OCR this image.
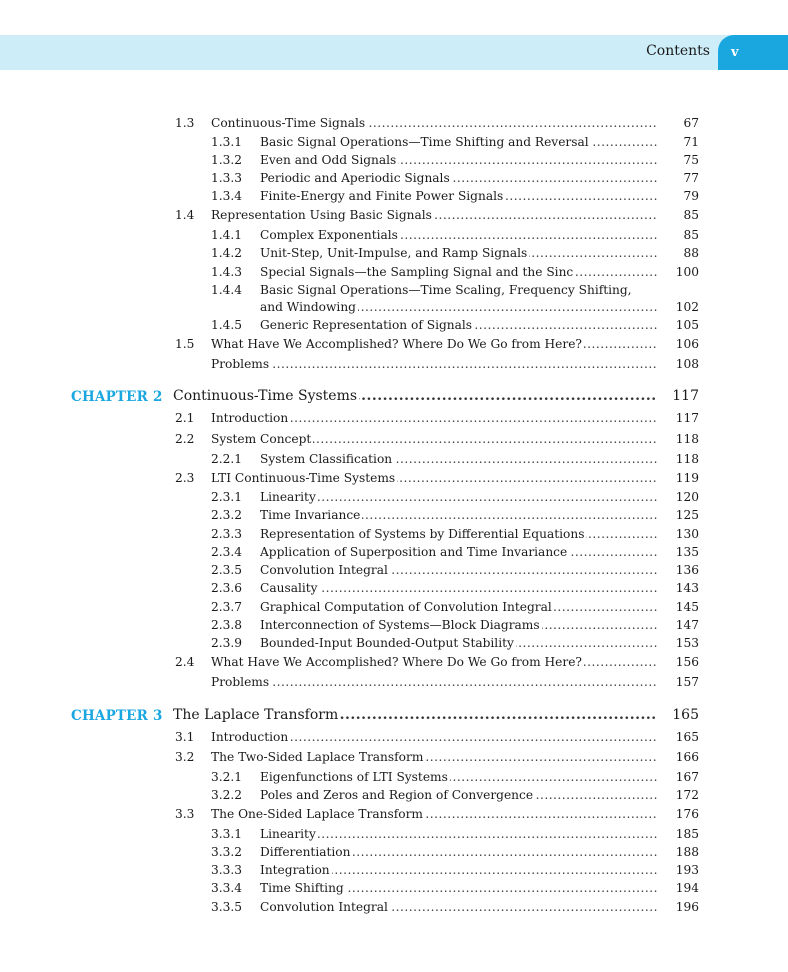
Contents	v
1.3 Continuous-Time Signals .....	67
1.3.1 Basic Signal Operations—Time Shifting and Reversal .....	71
1.3.2 Even and Odd Signals .....	75
1.3.3 Periodic and Aperiodic Signals .....	77
1.3.4 Finite-Energy and Finite Power Signals .....	79
1.4 Representation Using Basic Signals .....	85
1.4.1 Complex Exponentials .....	85
1.4.2 Unit-Step, Unit-Impulse, and Ramp Signals .....	88
1.4.3 Special Signals—the Sampling Signal and the Sinc .....	100
1.4.4 Basic Signal Operations—Time Scaling, Frequency Shifting,
and Windowing .....	102
1.4.5 Generic Representation of Signals .....	105
1.5 What Have We Accomplished? Where Do We Go from Here? .....	106
Problems .....	108
CHAPTER 2 Continuous-Time Systems .....	117
2.1 Introduction .....	117
2.2 System Concept .....	118
2.2.1 System Classification .....	118
2.3 LTI Continuous-Time Systems .....	119
2.3.1 Linearity .....	120
2.3.2 Time Invariance .....	125
2.3.3 Representation of Systems by Differential Equations .....	130
2.3.4 Application of Superposition and Time Invariance .....	135
2.3.5 Convolution Integral .....	136
2.3.6 Causality .....	143
2.3.7 Graphical Computation of Convolution Integral .....	145
2.3.8 Interconnection of Systems—Block Diagrams .....	147
2.3.9 Bounded-Input Bounded-Output Stability .....	153
2.4 What Have We Accomplished? Where Do We Go from Here? .....	156
Problems .....	157
CHAPTER 3 The Laplace Transform .....	165
3.1 Introduction .....	165
3.2 The Two-Sided Laplace Transform .....	166
3.2.1 Eigenfunctions of LTI Systems .....	167
3.2.2 Poles and Zeros and Region of Convergence .....	172
3.3 The One-Sided Laplace Transform .....	176
3.3.1 Linearity .....	185
3.3.2 Differentiation .....	188
3.3.3 Integration .....	193
3.3.4 Time Shifting .....	194
3.3.5 Convolution Integral .....	196
